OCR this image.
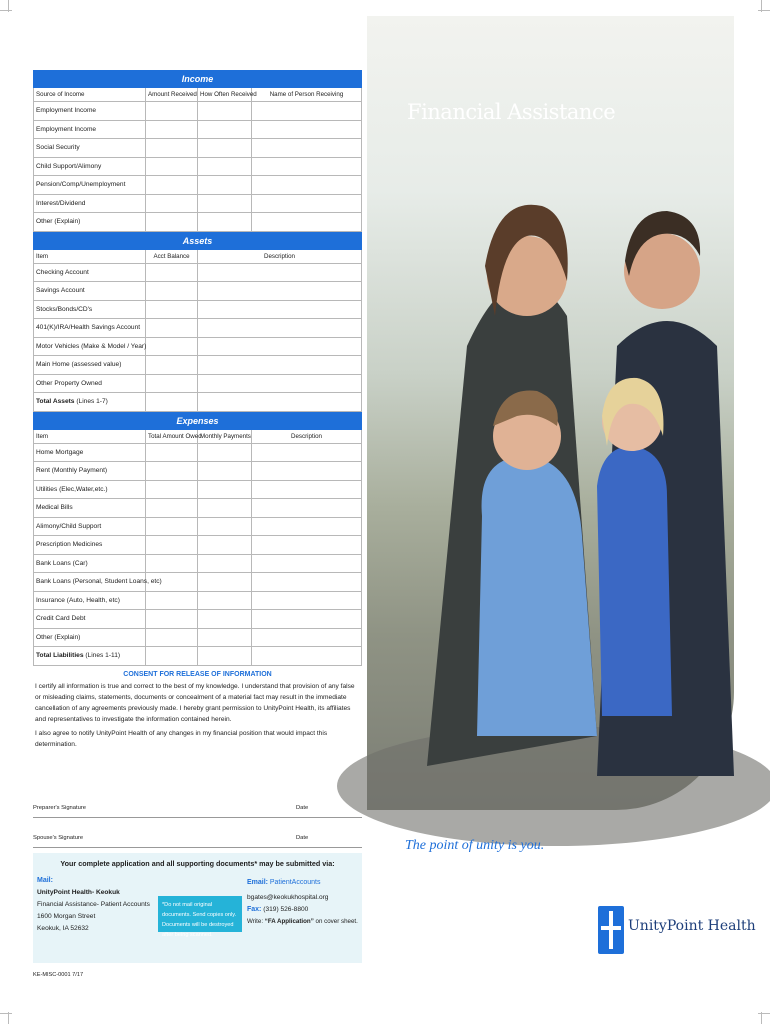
Income			
Source of Income	Amount Received	How Often Received	Name of Person Receiving
Employment Income			
Employment Income			
Social Security			
Child Support/Alimony			
Pension/Comp/Unemployment			
Interest/Dividend			
Other (Explain)			
Assets		
Item	Acct Balance	Description
Checking Account		
Savings Account		
Stocks/Bonds/CD's		
401(K)/IRA/Health Savings Account		
Motor Vehicles (Make & Model / Year)		
Main Home (assessed value)		
Other Property Owned		
Total Assets (Lines 1-7)		
Expenses			
Item	Total Amount Owed	Monthly Payments	Description
Home Mortgage			
Rent (Monthly Payment)			
Utilities (Elec,Water,etc.)			
Medical Bills			
Alimony/Child Support			
Prescription Medicines			
Bank Loans (Car)			
Bank Loans (Personal, Student Loans, etc)			
Insurance (Auto, Health, etc)			
Credit Card Debt			
Other (Explain)			
Total Liabilities (Lines 1-11)			
CONSENT FOR RELEASE OF INFORMATION

I certify all information is true and correct to the best of my knowledge. I understand that provision of any false or misleading claims, statements, documents or concealment of a material fact may result in the immediate cancellation of any agreements previously made. I hereby grant permission to UnityPoint Health, its affiliates and representatives to investigate the information contained herein.

I also agree to notify UnityPoint Health of any changes in my financial position that would impact this determination.

Preparer's Signature	Date
Spouse's Signature	Date
Your complete application and all supporting documents* may be submitted via:
Mail:
UnityPoint Health- Keokuk
Financial Assistance- Patient Accounts
1600 Morgan Street
Keokuk, IA 52632
*Do not mail original documents. Send copies only. Documents will be destroyed after being scanned.
Email: PatientAccounts
bgates@keokukhospital.org
Fax: (319) 526-8800
Write: “FA Application” on cover sheet.
KE-MISC-0001 7/17
Financial Assistance
The point of unity is you.
UnityPoint Health
